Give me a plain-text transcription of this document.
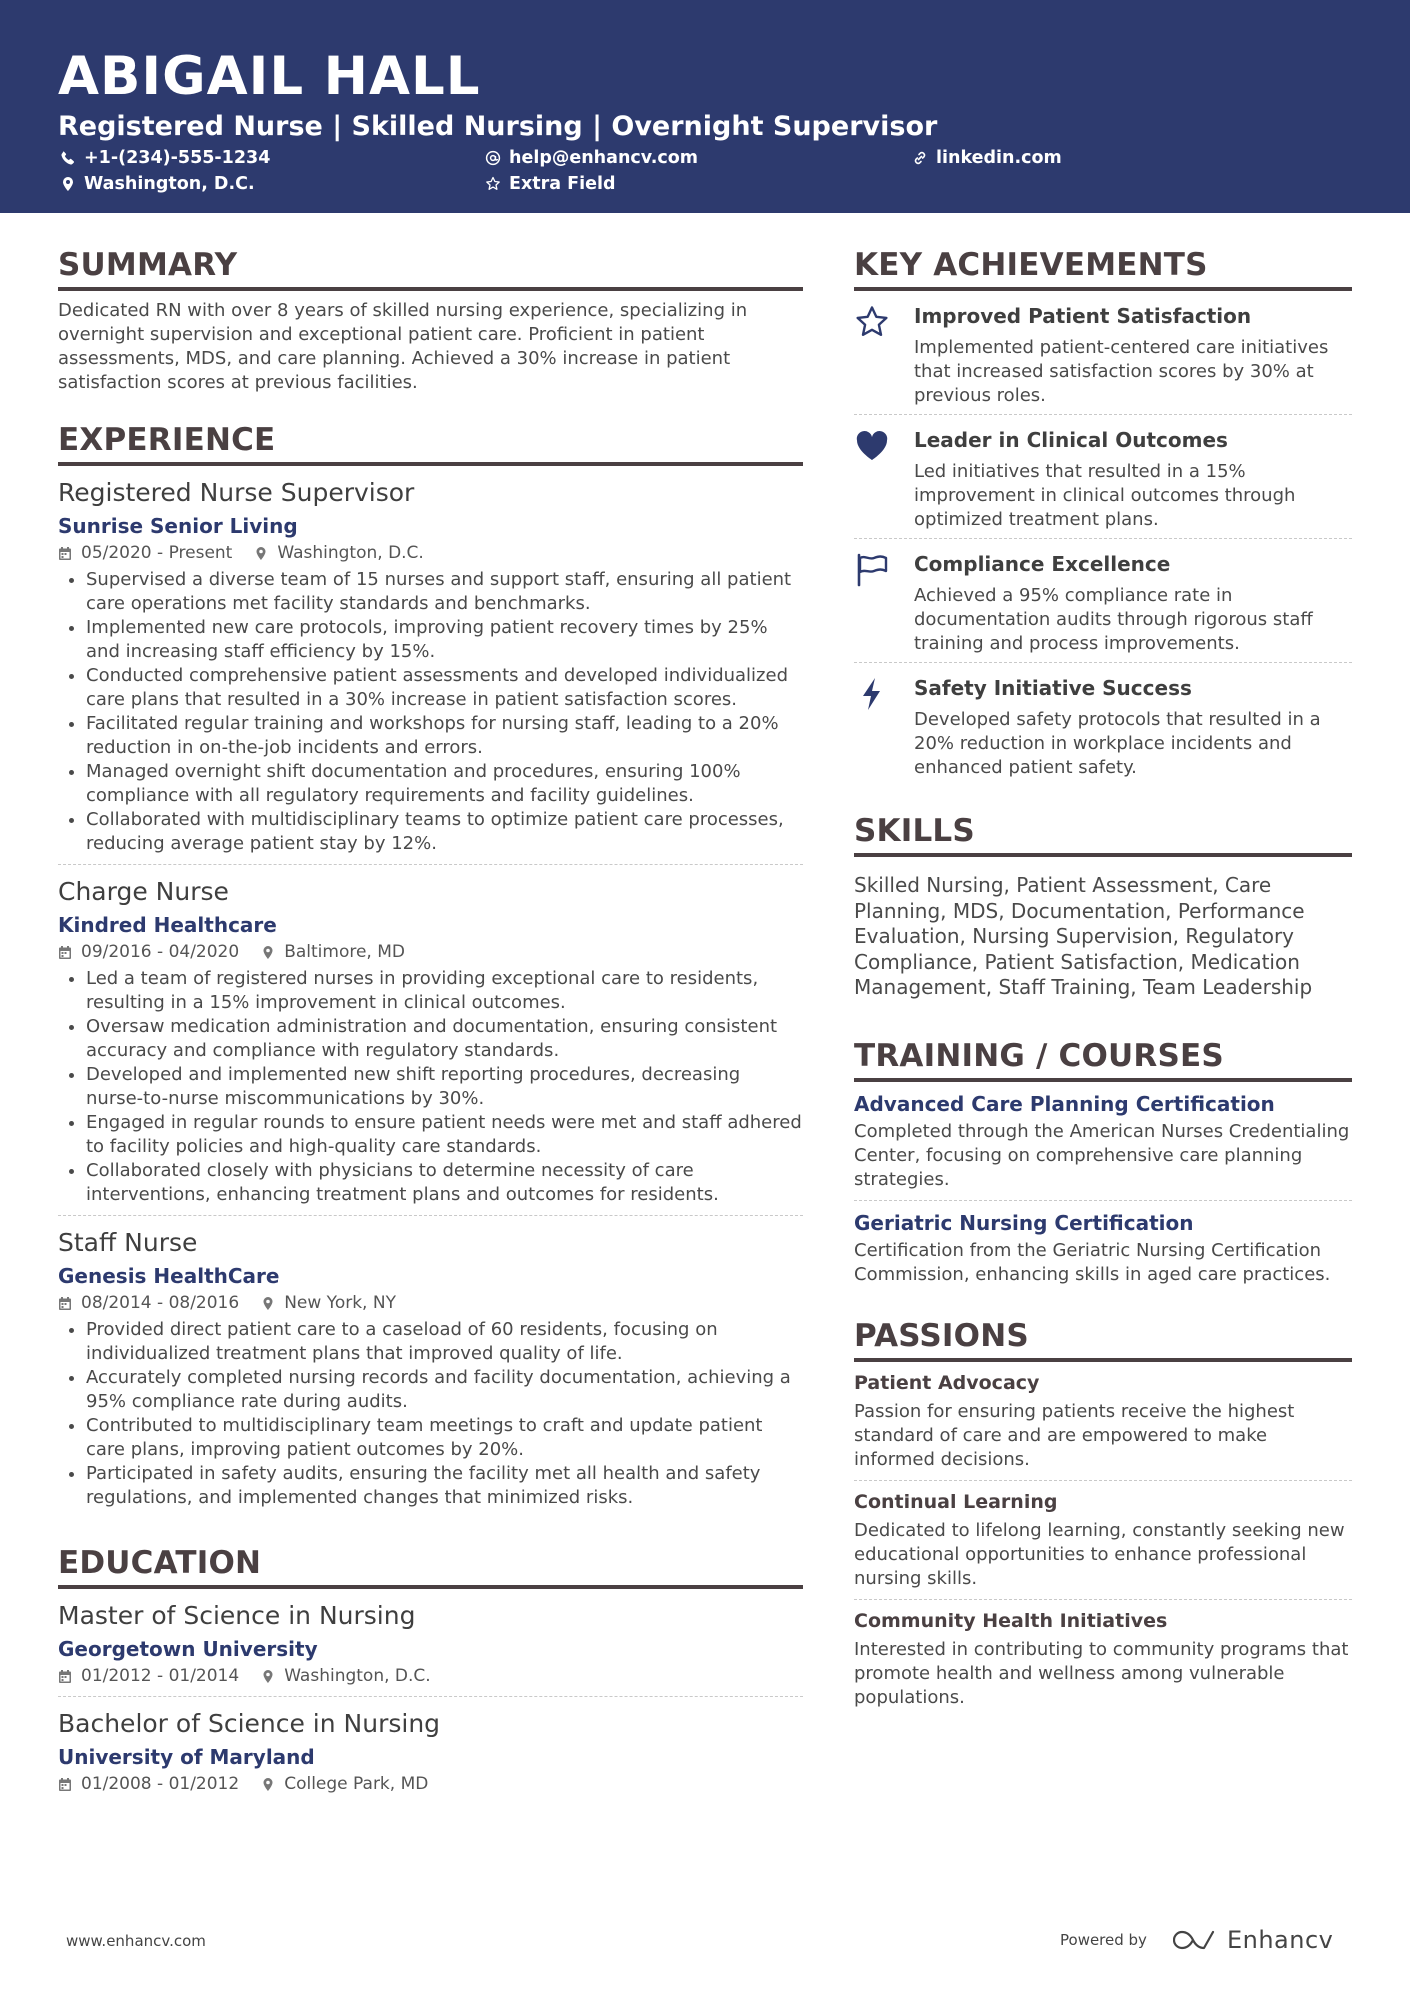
ABIGAIL HALL
Registered Nurse | Skilled Nursing | Overnight Supervisor
+1-(234)-555-1234	help@enhancv.com	linkedin.com
Washington, D.C.	Extra Field
SUMMARY
Dedicated RN with over 8 years of skilled nursing experience, specializing in overnight supervision and exceptional patient care. Proficient in patient assessments, MDS, and care planning. Achieved a 30% increase in patient satisfaction scores at previous facilities.
EXPERIENCE
Registered Nurse Supervisor
Sunrise Senior Living
05/2020 - Present	Washington, D.C.
• Supervised a diverse team of 15 nurses and support staff, ensuring all patient care operations met facility standards and benchmarks.
• Implemented new care protocols, improving patient recovery times by 25% and increasing staff efficiency by 15%.
• Conducted comprehensive patient assessments and developed individualized care plans that resulted in a 30% increase in patient satisfaction scores.
• Facilitated regular training and workshops for nursing staff, leading to a 20% reduction in on-the-job incidents and errors.
• Managed overnight shift documentation and procedures, ensuring 100% compliance with all regulatory requirements and facility guidelines.
• Collaborated with multidisciplinary teams to optimize patient care processes, reducing average patient stay by 12%.
Charge Nurse
Kindred Healthcare
09/2016 - 04/2020	Baltimore, MD
• Led a team of registered nurses in providing exceptional care to residents, resulting in a 15% improvement in clinical outcomes.
• Oversaw medication administration and documentation, ensuring consistent accuracy and compliance with regulatory standards.
• Developed and implemented new shift reporting procedures, decreasing nurse-to-nurse miscommunications by 30%.
• Engaged in regular rounds to ensure patient needs were met and staff adhered to facility policies and high-quality care standards.
• Collaborated closely with physicians to determine necessity of care interventions, enhancing treatment plans and outcomes for residents.
Staff Nurse
Genesis HealthCare
08/2014 - 08/2016	New York, NY
• Provided direct patient care to a caseload of 60 residents, focusing on individualized treatment plans that improved quality of life.
• Accurately completed nursing records and facility documentation, achieving a 95% compliance rate during audits.
• Contributed to multidisciplinary team meetings to craft and update patient care plans, improving patient outcomes by 20%.
• Participated in safety audits, ensuring the facility met all health and safety regulations, and implemented changes that minimized risks.
EDUCATION
Master of Science in Nursing
Georgetown University
01/2012 - 01/2014	Washington, D.C.
Bachelor of Science in Nursing
University of Maryland
01/2008 - 01/2012	College Park, MD
KEY ACHIEVEMENTS
Improved Patient Satisfaction
Implemented patient-centered care initiatives that increased satisfaction scores by 30% at previous roles.
Leader in Clinical Outcomes
Led initiatives that resulted in a 15% improvement in clinical outcomes through optimized treatment plans.
Compliance Excellence
Achieved a 95% compliance rate in documentation audits through rigorous staff training and process improvements.
Safety Initiative Success
Developed safety protocols that resulted in a 20% reduction in workplace incidents and enhanced patient safety.
SKILLS
Skilled Nursing, Patient Assessment, Care Planning, MDS, Documentation, Performance Evaluation, Nursing Supervision, Regulatory Compliance, Patient Satisfaction, Medication Management, Staff Training, Team Leadership
TRAINING / COURSES
Advanced Care Planning Certification
Completed through the American Nurses Credentialing Center, focusing on comprehensive care planning strategies.
Geriatric Nursing Certification
Certification from the Geriatric Nursing Certification Commission, enhancing skills in aged care practices.
PASSIONS
Patient Advocacy
Passion for ensuring patients receive the highest standard of care and are empowered to make informed decisions.
Continual Learning
Dedicated to lifelong learning, constantly seeking new educational opportunities to enhance professional nursing skills.
Community Health Initiatives
Interested in contributing to community programs that promote health and wellness among vulnerable populations.
www.enhancv.com	Powered by	Enhancv
